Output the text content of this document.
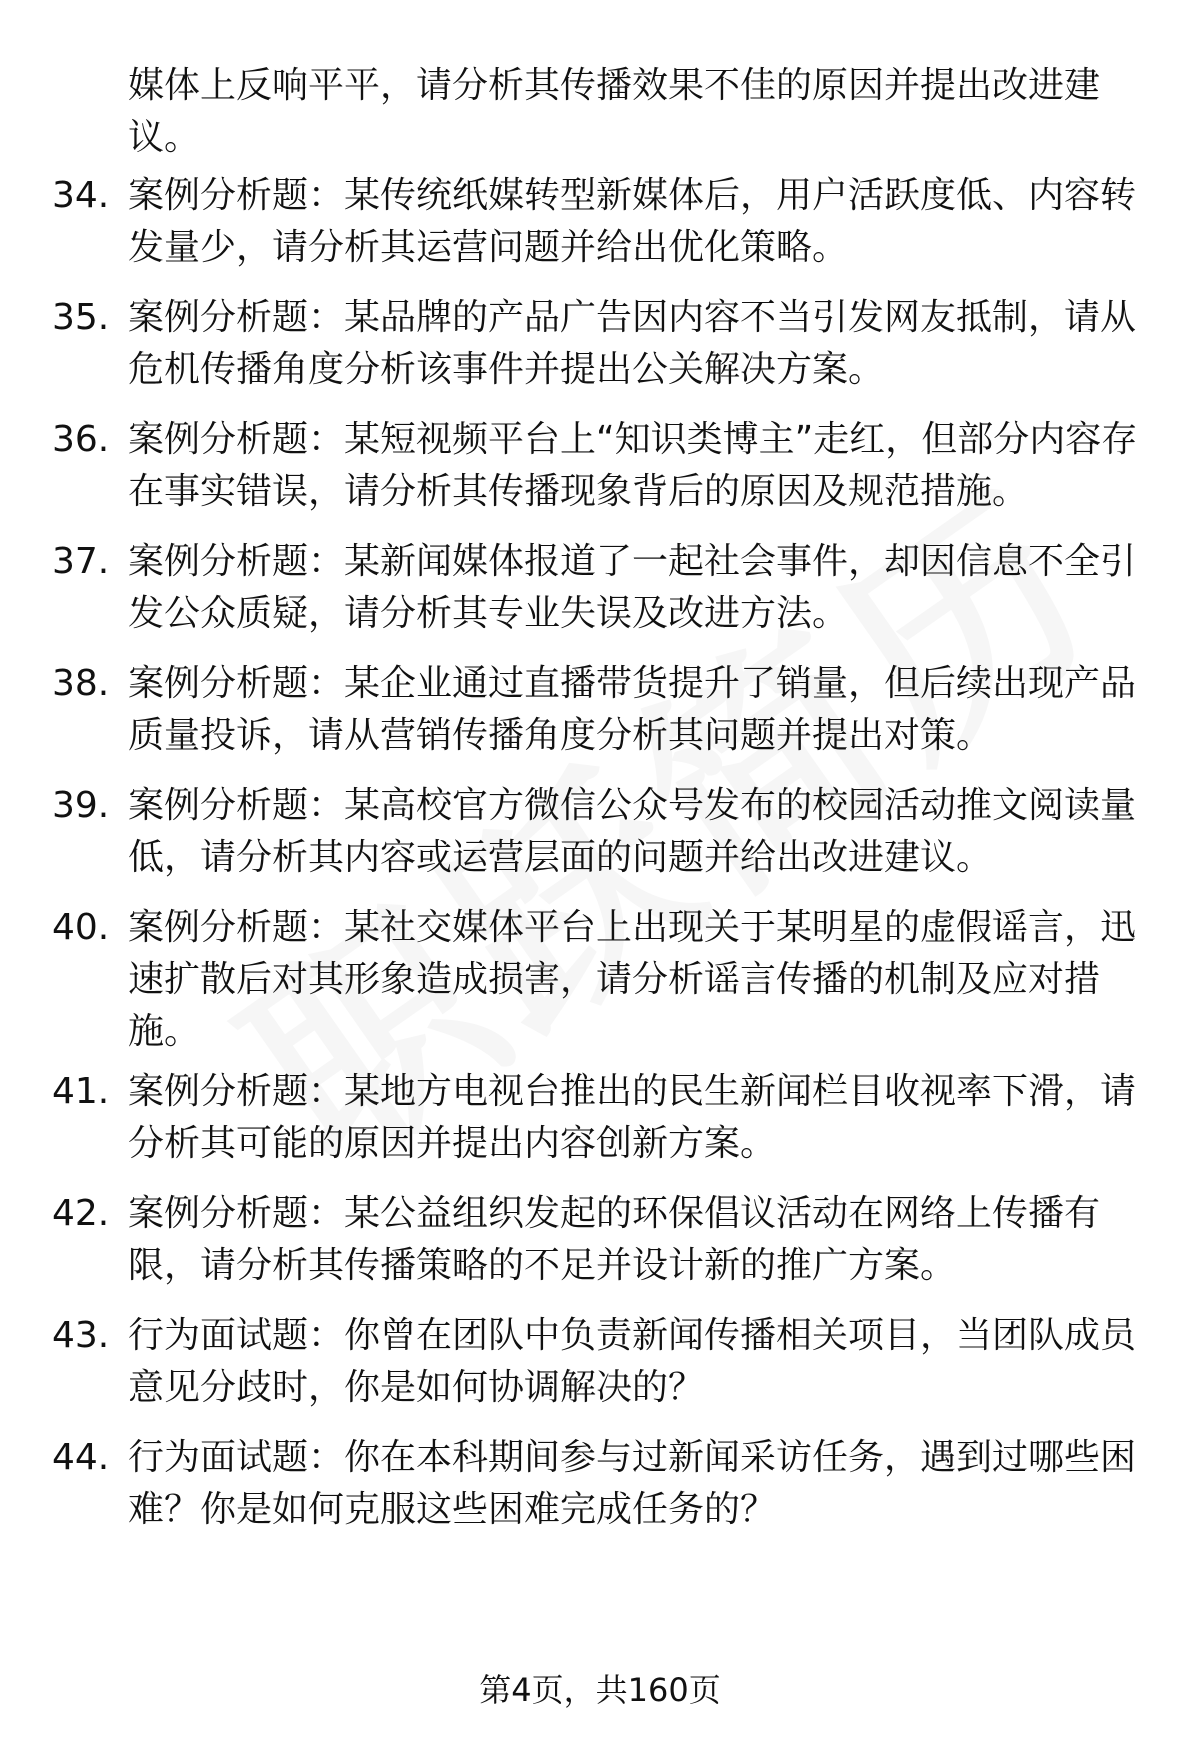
媒体上反响平平，请分析其传播效果不佳的原因并提出改进建议。
34. 案例分析题：某传统纸媒转型新媒体后，用户活跃度低、内容转发量少，请分析其运营问题并给出优化策略。
35. 案例分析题：某品牌的产品广告因内容不当引发网友抵制，请从危机传播角度分析该事件并提出公关解决方案。
36. 案例分析题：某短视频平台上“知识类博主”走红，但部分内容存在事实错误，请分析其传播现象背后的原因及规范措施。
37. 案例分析题：某新闻媒体报道了一起社会事件，却因信息不全引发公众质疑，请分析其专业失误及改进方法。
38. 案例分析题：某企业通过直播带货提升了销量，但后续出现产品质量投诉，请从营销传播角度分析其问题并提出对策。
39. 案例分析题：某高校官方微信公众号发布的校园活动推文阅读量低，请分析其内容或运营层面的问题并给出改进建议。
40. 案例分析题：某社交媒体平台上出现关于某明星的虚假谣言，迅速扩散后对其形象造成损害，请分析谣言传播的机制及应对措施。
41. 案例分析题：某地方电视台推出的民生新闻栏目收视率下滑，请分析其可能的原因并提出内容创新方案。
42. 案例分析题：某公益组织发起的环保倡议活动在网络上传播有限，请分析其传播策略的不足并设计新的推广方案。
43. 行为面试题：你曾在团队中负责新闻传播相关项目，当团队成员意见分歧时，你是如何协调解决的？
44. 行为面试题：你在本科期间参与过新闻采访任务，遇到过哪些困难？你是如何克服这些困难完成任务的？
第4页，共160页
